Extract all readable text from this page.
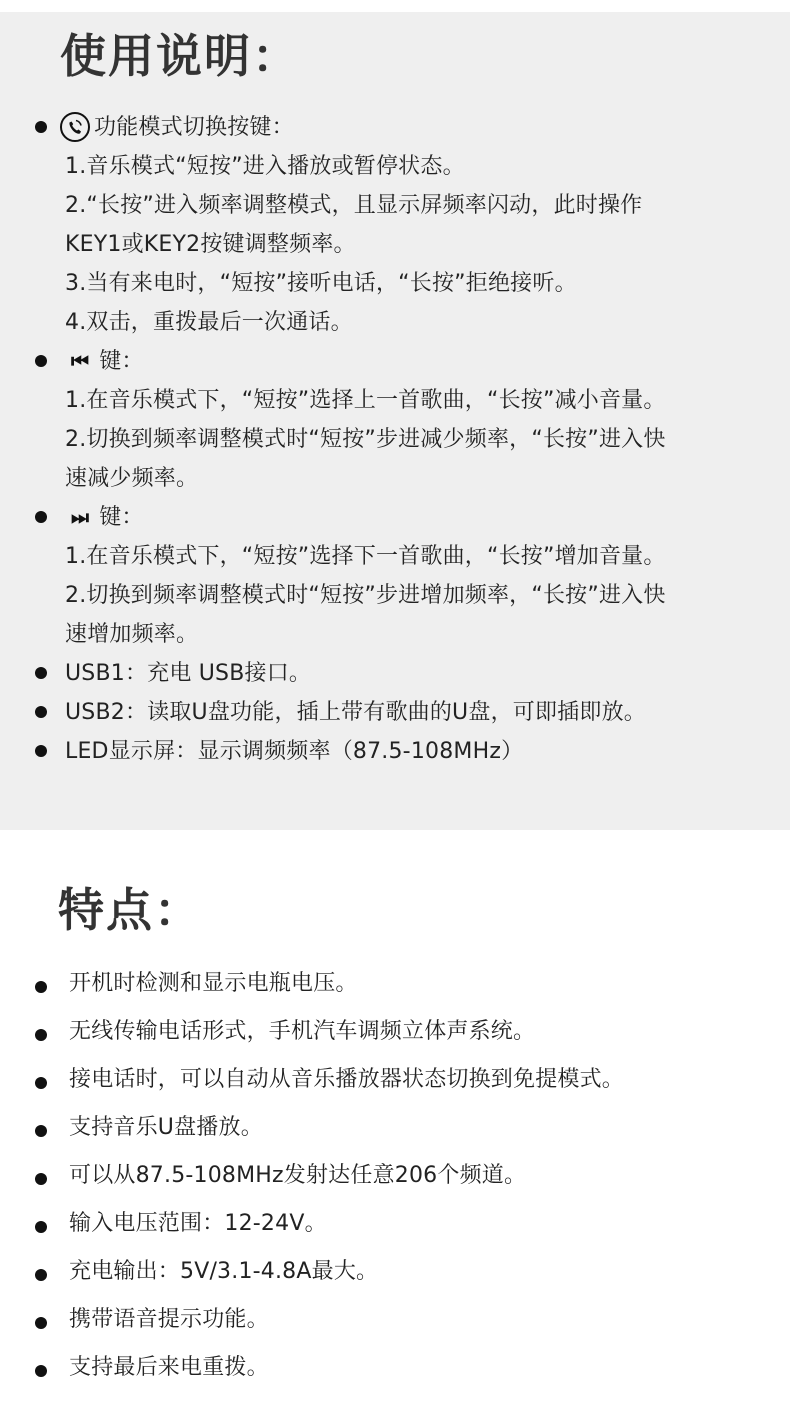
使用说明：
功能模式切换按键：
1.音乐模式“短按”进入播放或暂停状态。
2.“长按”进入频率调整模式，且显示屏频率闪动，此时操作
KEY1或KEY2按键调整频率。
3.当有来电时，“短按”接听电话，“长按”拒绝接听。
4.双击，重拨最后一次通话。
⏮ 键：
1.在音乐模式下，“短按”选择上一首歌曲，“长按”减小音量。
2.切换到频率调整模式时“短按”步进减少频率，“长按”进入快
速减少频率。
⏭ 键：
1.在音乐模式下，“短按”选择下一首歌曲，“长按”增加音量。
2.切换到频率调整模式时“短按”步进增加频率，“长按”进入快
速增加频率。
USB1：充电 USB接口。
USB2：读取U盘功能，插上带有歌曲的U盘，可即插即放。
LED显示屏：显示调频频率（87.5-108MHz）
特点：
开机时检测和显示电瓶电压。
无线传输电话形式，手机汽车调频立体声系统。
接电话时，可以自动从音乐播放器状态切换到免提模式。
支持音乐U盘播放。
可以从87.5-108MHz发射达任意206个频道。
输入电压范围：12-24V。
充电输出：5V/3.1-4.8A最大。
携带语音提示功能。
支持最后来电重拨。
